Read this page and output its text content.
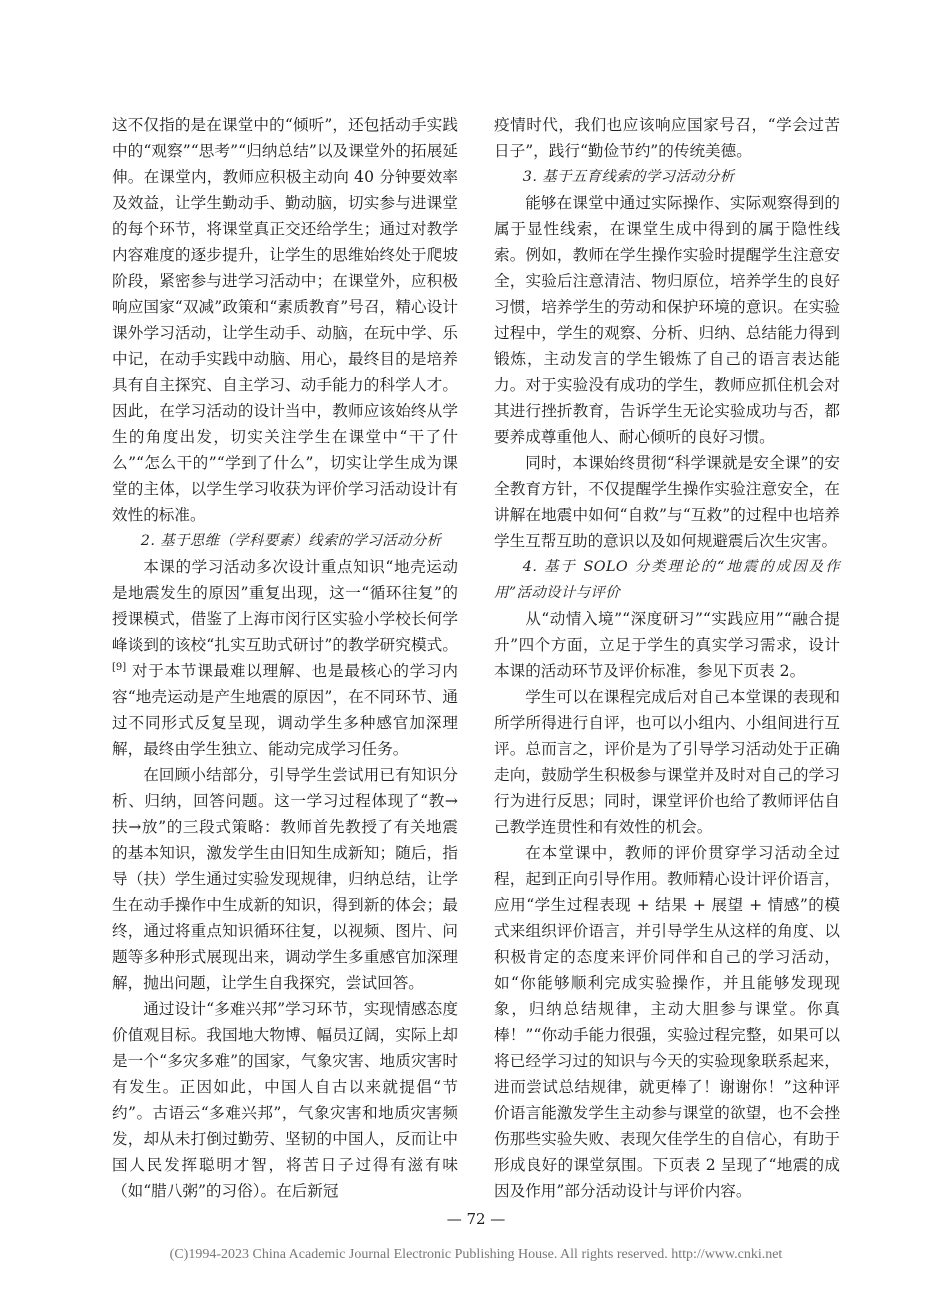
这不仅指的是在课堂中的“倾听”，还包括动手实践中的“观察”“思考”“归纳总结”以及课堂外的拓展延伸。在课堂内，教师应积极主动向 40 分钟要效率及效益，让学生勤动手、勤动脑，切实参与进课堂的每个环节，将课堂真正交还给学生；通过对教学内容难度的逐步提升，让学生的思维始终处于爬坡阶段，紧密参与进学习活动中；在课堂外，应积极响应国家“双减”政策和“素质教育”号召，精心设计课外学习活动，让学生动手、动脑，在玩中学、乐中记，在动手实践中动脑、用心，最终目的是培养具有自主探究、自主学习、动手能力的科学人才。因此，在学习活动的设计当中，教师应该始终从学生的角度出发，切实关注学生在课堂中“干了什么”“怎么干的”“学到了什么”，切实让学生成为课堂的主体，以学生学习收获为评价学习活动设计有效性的标准。

2. 基于思维（学科要素）线索的学习活动分析

本课的学习活动多次设计重点知识“地壳运动是地震发生的原因”重复出现，这一“循环往复”的授课模式，借鉴了上海市闵行区实验小学校长何学峰谈到的该校“扎实互助式研讨”的教学研究模式。[9] 对于本节课最难以理解、也是最核心的学习内容“地壳运动是产生地震的原因”，在不同环节、通过不同形式反复呈现，调动学生多种感官加深理解，最终由学生独立、能动完成学习任务。

在回顾小结部分，引导学生尝试用已有知识分析、归纳，回答问题。这一学习过程体现了“教→扶→放”的三段式策略：教师首先教授了有关地震的基本知识，激发学生由旧知生成新知；随后，指导（扶）学生通过实验发现规律，归纳总结，让学生在动手操作中生成新的知识，得到新的体会；最终，通过将重点知识循环往复，以视频、图片、问题等多种形式展现出来，调动学生多重感官加深理解，抛出问题，让学生自我探究，尝试回答。

通过设计“多难兴邦”学习环节，实现情感态度价值观目标。我国地大物博、幅员辽阔，实际上却是一个“多灾多难”的国家，气象灾害、地质灾害时有发生。正因如此，中国人自古以来就提倡“节约”。古语云“多难兴邦”，气象灾害和地质灾害频发，却从未打倒过勤劳、坚韧的中国人，反而让中国人民发挥聪明才智，将苦日子过得有滋有味（如“腊八粥”的习俗）。在后新冠

疫情时代，我们也应该响应国家号召，“学会过苦日子”，践行“勤俭节约”的传统美德。

3. 基于五育线索的学习活动分析

能够在课堂中通过实际操作、实际观察得到的属于显性线索，在课堂生成中得到的属于隐性线索。例如，教师在学生操作实验时提醒学生注意安全，实验后注意清洁、物归原位，培养学生的良好习惯，培养学生的劳动和保护环境的意识。在实验过程中，学生的观察、分析、归纳、总结能力得到锻炼，主动发言的学生锻炼了自己的语言表达能力。对于实验没有成功的学生，教师应抓住机会对其进行挫折教育，告诉学生无论实验成功与否，都要养成尊重他人、耐心倾听的良好习惯。

同时，本课始终贯彻“科学课就是安全课”的安全教育方针，不仅提醒学生操作实验注意安全，在讲解在地震中如何“自救”与“互救”的过程中也培养学生互帮互助的意识以及如何规避震后次生灾害。

4. 基于 SOLO 分类理论的“地震的成因及作用”活动设计与评价

从“动情入境”“深度研习”“实践应用”“融合提升”四个方面，立足于学生的真实学习需求，设计本课的活动环节及评价标准，参见下页表 2。

学生可以在课程完成后对自己本堂课的表现和所学所得进行自评，也可以小组内、小组间进行互评。总而言之，评价是为了引导学习活动处于正确走向，鼓励学生积极参与课堂并及时对自己的学习行为进行反思；同时，课堂评价也给了教师评估自己教学连贯性和有效性的机会。

在本堂课中，教师的评价贯穿学习活动全过程，起到正向引导作用。教师精心设计评价语言，应用“学生过程表现 + 结果 + 展望 + 情感”的模式来组织评价语言，并引导学生从这样的角度、以积极肯定的态度来评价同伴和自己的学习活动，如“你能够顺利完成实验操作，并且能够发现现象，归纳总结规律，主动大胆参与课堂。你真棒！”“你动手能力很强，实验过程完整，如果可以将已经学习过的知识与今天的实验现象联系起来，进而尝试总结规律，就更棒了！谢谢你！”这种评价语言能激发学生主动参与课堂的欲望，也不会挫伤那些实验失败、表现欠佳学生的自信心，有助于形成良好的课堂氛围。下页表 2 呈现了“地震的成因及作用”部分活动设计与评价内容。

— 72 —
(C)1994-2023 China Academic Journal Electronic Publishing House. All rights reserved. http://www.cnki.net
